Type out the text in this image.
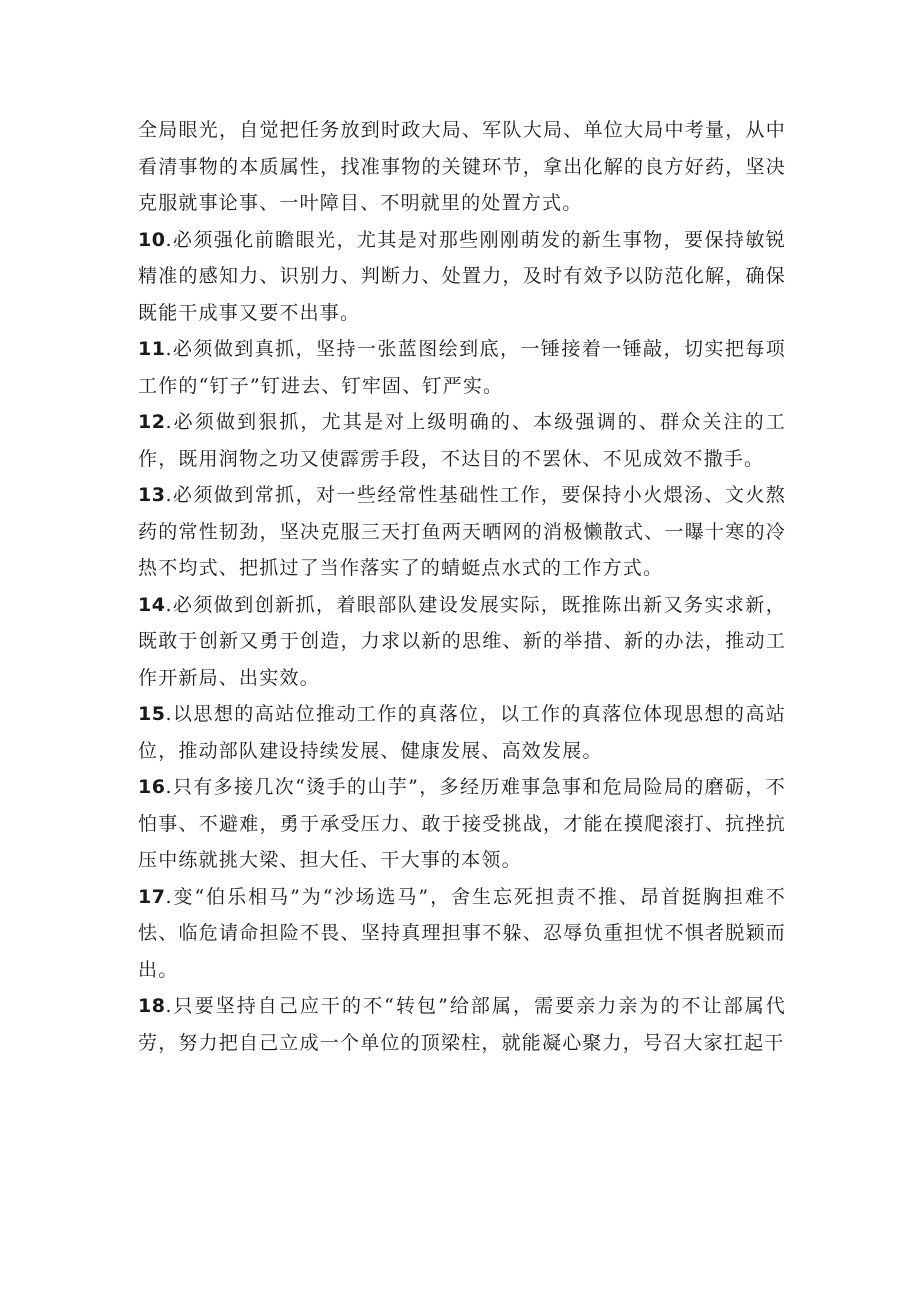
全局眼光，自觉把任务放到时政大局、军队大局、单位大局中考量，从中看清事物的本质属性，找准事物的关键环节，拿出化解的良方好药，坚决克服就事论事、一叶障目、不明就里的处置方式。

10.必须强化前瞻眼光，尤其是对那些刚刚萌发的新生事物，要保持敏锐精准的感知力、识别力、判断力、处置力，及时有效予以防范化解，确保既能干成事又要不出事。

11.必须做到真抓，坚持一张蓝图绘到底，一锤接着一锤敲，切实把每项工作的“钉子”钉进去、钉牢固、钉严实。

12.必须做到狠抓，尤其是对上级明确的、本级强调的、群众关注的工作，既用润物之功又使霹雳手段，不达目的不罢休、不见成效不撒手。

13.必须做到常抓，对一些经常性基础性工作，要保持小火煨汤、文火熬药的常性韧劲，坚决克服三天打鱼两天晒网的消极懒散式、一曝十寒的冷热不均式、把抓过了当作落实了的蜻蜓点水式的工作方式。

14.必须做到创新抓，着眼部队建设发展实际，既推陈出新又务实求新，既敢于创新又勇于创造，力求以新的思维、新的举措、新的办法，推动工作开新局、出实效。

15.以思想的高站位推动工作的真落位，以工作的真落位体现思想的高站位，推动部队建设持续发展、健康发展、高效发展。

16.只有多接几次“烫手的山芋”，多经历难事急事和危局险局的磨砺，不怕事、不避难，勇于承受压力、敢于接受挑战，才能在摸爬滚打、抗挫抗压中练就挑大梁、担大任、干大事的本领。

17.变“伯乐相马”为“沙场选马”，舍生忘死担责不推、昂首挺胸担难不怯、临危请命担险不畏、坚持真理担事不躲、忍辱负重担忧不惧者脱颖而出。

18.只要坚持自己应干的不“转包”给部属，需要亲力亲为的不让部属代劳，努力把自己立成一个单位的顶梁柱，就能凝心聚力，号召大家扛起干
